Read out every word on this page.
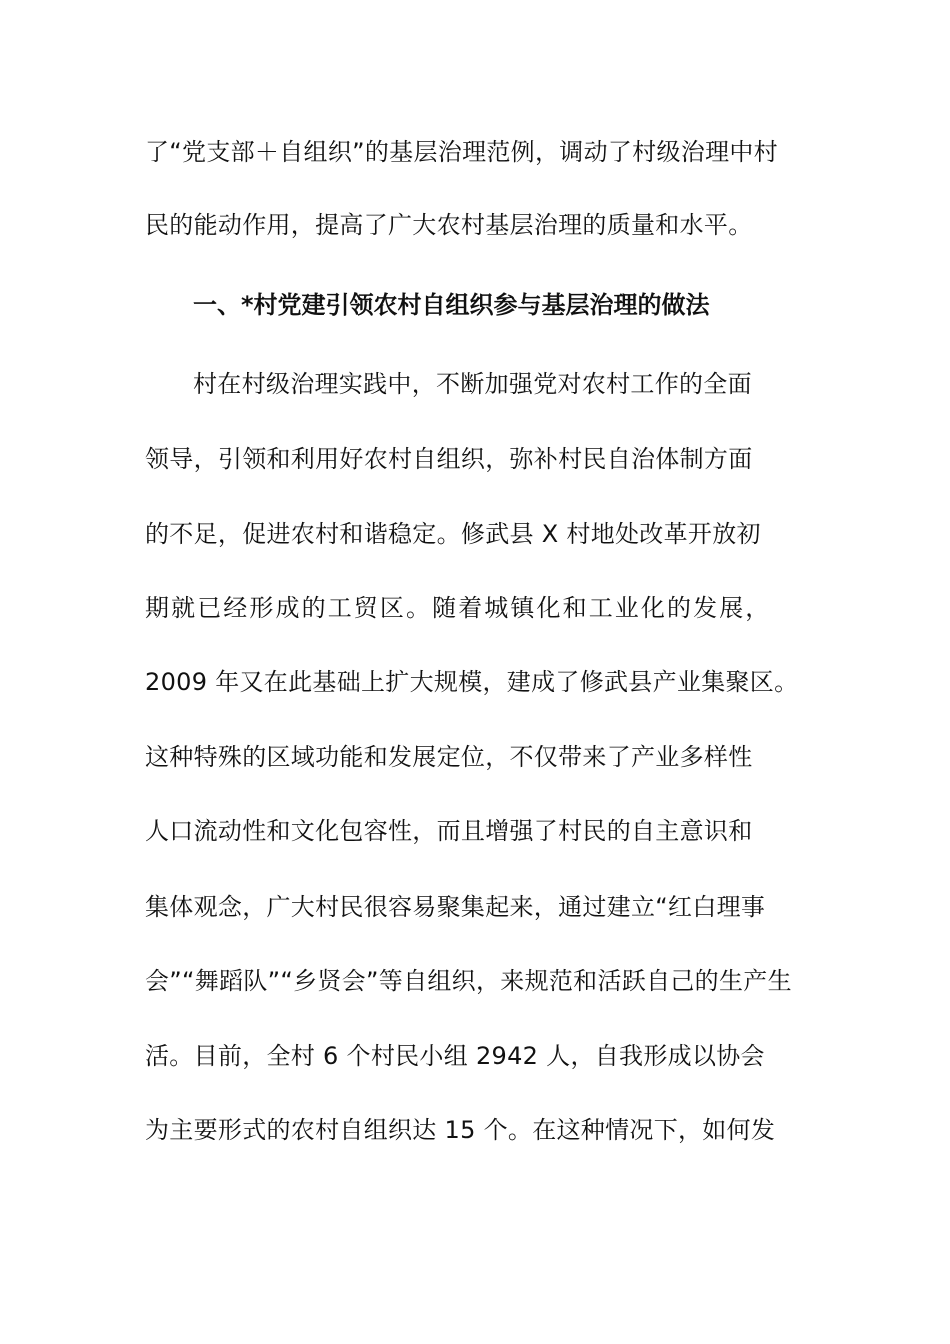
了“党支部＋自组织”的基层治理范例，调动了村级治理中村
民的能动作用，提高了广大农村基层治理的质量和水平。
一、*村党建引领农村自组织参与基层治理的做法
村在村级治理实践中，不断加强党对农村工作的全面
领导，引领和利用好农村自组织，弥补村民自治体制方面
的不足，促进农村和谐稳定。修武县 X 村地处改革开放初
期就已经形成的工贸区。随着城镇化和工业化的发展，
2009 年又在此基础上扩大规模，建成了修武县产业集聚区。
这种特殊的区域功能和发展定位，不仅带来了产业多样性
人口流动性和文化包容性，而且增强了村民的自主意识和
集体观念，广大村民很容易聚集起来，通过建立“红白理事
会”“舞蹈队”“乡贤会”等自组织，来规范和活跃自己的生产生
活。目前，全村 6 个村民小组 2942 人，自我形成以协会
为主要形式的农村自组织达 15 个。在这种情况下，如何发
